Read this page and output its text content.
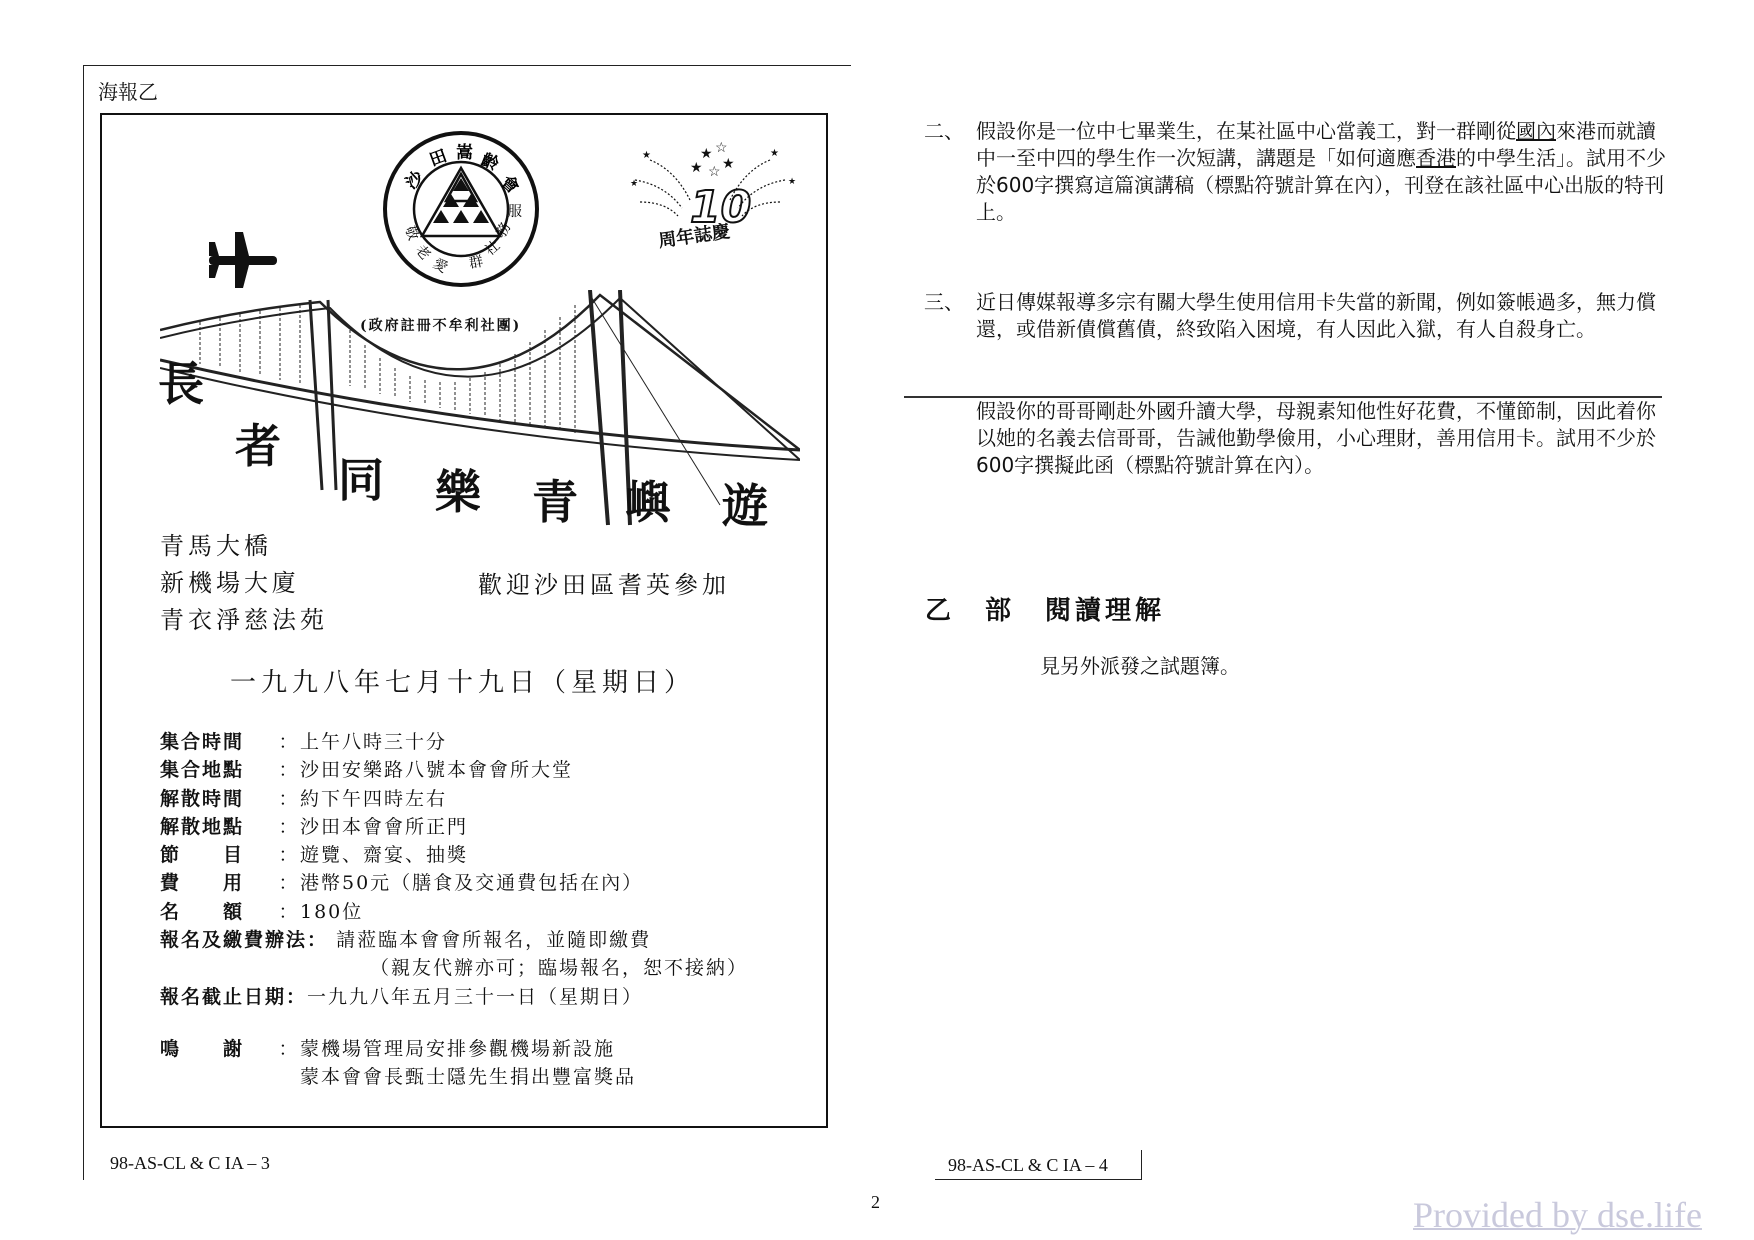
海報乙
沙
田 嵩 齡
會
服
務
社
群
敬
老
愛
★ ☆
★ ☆ ★
★	★
★	★
10
周年誌慶
(政府註冊不牟利社團)
長
者
同 樂 青 嶼 遊
青馬大橋
新機場大廈
青衣淨慈法苑
歡迎沙田區耆英參加
一九九八年七月十九日（星期日）
集合時間 ：上午八時三十分
集合地點 ：沙田安樂路八號本會會所大堂
解散時間 ：約下午四時左右
解散地點 ：沙田本會會所正門
節　　目 ：遊覽、齋宴、抽獎
費　　用 ：港幣50元（膳食及交通費包括在內）
名　　額 ：180位
報名及繳費辦法： 請蒞臨本會會所報名，並隨即繳費
（親友代辦亦可；臨場報名，恕不接納）
報名截止日期：一九九八年五月三十一日（星期日）
鳴　　謝 ：蒙機場管理局安排參觀機場新設施
蒙本會會長甄士隱先生捐出豐富獎品
98-AS-CL & C IA – 3
二、 假設你是一位中七畢業生，在某社區中心當義工，對一群剛從國內來港而就讀中一至中四的學生作一次短講，講題是「如何適應香港的中學生活」。試用不少於600字撰寫這篇演講稿（標點符號計算在內），刊登在該社區中心出版的特刊上。
三、 近日傳媒報導多宗有關大學生使用信用卡失當的新聞，例如簽帳過多，無力償還，或借新債償舊債，終致陷入困境，有人因此入獄，有人自殺身亡。
假設你的哥哥剛赴外國升讀大學，母親素知他性好花費，不懂節制，因此着你以她的名義去信哥哥，告誡他勤學儉用，小心理財，善用信用卡。試用不少於600字撰擬此函（標點符號計算在內）。
乙　部 閱讀理解
見另外派發之試題簿。
98-AS-CL & C IA – 4
2	Provided by dse.life
